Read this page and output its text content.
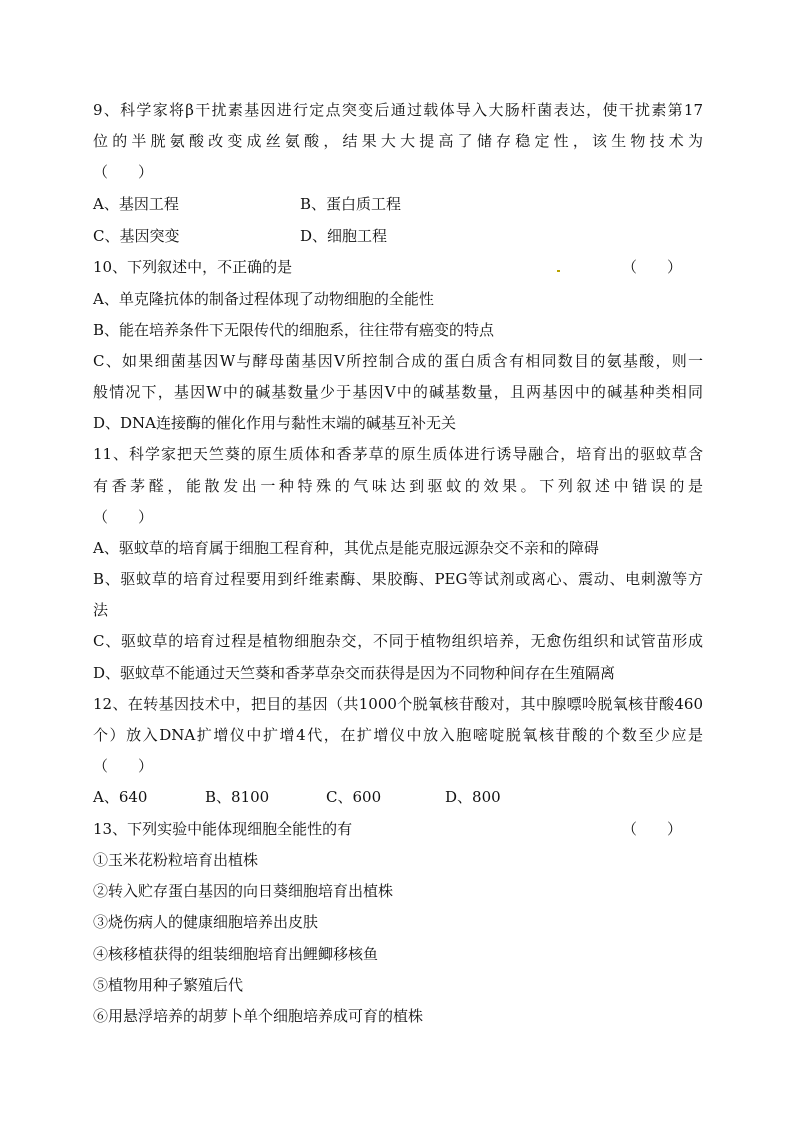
9、科学家将β干扰素基因进行定点突变后通过载体导入大肠杆菌表达，使干扰素第17
位的半胱氨酸改变成丝氨酸，结果大大提高了储存稳定性，该生物技术为
（　　）
A、基因工程	B、蛋白质工程
C、基因突变	D、细胞工程
10、下列叙述中，不正确的是	（　　）
A、单克隆抗体的制备过程体现了动物细胞的全能性
B、能在培养条件下无限传代的细胞系，往往带有癌变的特点
C、如果细菌基因W与酵母菌基因V所控制合成的蛋白质含有相同数目的氨基酸，则一
般情况下，基因W中的碱基数量少于基因V中的碱基数量，且两基因中的碱基种类相同
D、DNA连接酶的催化作用与黏性末端的碱基互补无关
11、科学家把天竺葵的原生质体和香茅草的原生质体进行诱导融合，培育出的驱蚊草含
有香茅醛，能散发出一种特殊的气味达到驱蚊的效果。下列叙述中错误的是
（　　）
A、驱蚊草的培育属于细胞工程育种，其优点是能克服远源杂交不亲和的障碍
B、驱蚊草的培育过程要用到纤维素酶、果胶酶、PEG等试剂或离心、震动、电刺激等方
法
C、驱蚊草的培育过程是植物细胞杂交，不同于植物组织培养，无愈伤组织和试管苗形成
D、驱蚊草不能通过天竺葵和香茅草杂交而获得是因为不同物种间存在生殖隔离
12、在转基因技术中，把目的基因（共1000个脱氧核苷酸对，其中腺嘌呤脱氧核苷酸460
个）放入DNA扩增仪中扩增4代，在扩增仪中放入胞嘧啶脱氧核苷酸的个数至少应是
（　　）
A、640	B、8100	C、600	D、800
13、下列实验中能体现细胞全能性的有	（　　）
①玉米花粉粒培育出植株
②转入贮存蛋白基因的向日葵细胞培育出植株
③烧伤病人的健康细胞培养出皮肤
④核移植获得的组装细胞培育出鲤鲫移核鱼
⑤植物用种子繁殖后代
⑥用悬浮培养的胡萝卜单个细胞培养成可育的植株
